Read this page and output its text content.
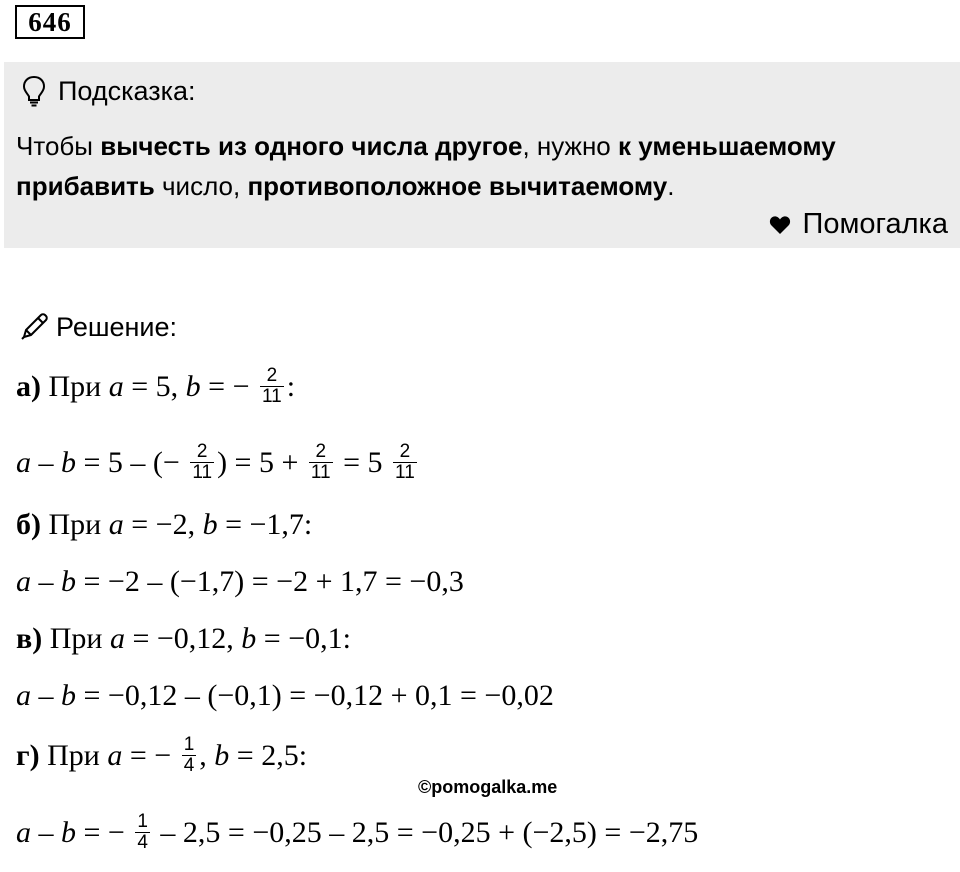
646
Подсказка:
Чтобы вычесть из одного числа другое, нужно к уменьшаемому прибавить число, противоположное вычитаемому.
Помогалка
Решение:
а) При a = 5, b = − $\frac{2}{11}$ :
a – b = 5 – (− $\frac{2}{11}$ ) = $5 + \frac{2}{11} = 5 \frac{2}{11}$
б) При a = −2, b = −1,7:
a – b = −2 – (−1,7) = −2 + 1,7 = −0,3
в) При a = −0,12, b = −0,1:
a – b = −0,12 – (−0,1) = −0,12 + 0,1 = −0,02
г) При a = − $\frac{1}{4}$ , b = 2,5:
a – b = − $\frac{1}{4} - 2,5 = -0,25 - 2,5 = -0,25 + (-2,5) = -2,75$
©pomogalka.me
